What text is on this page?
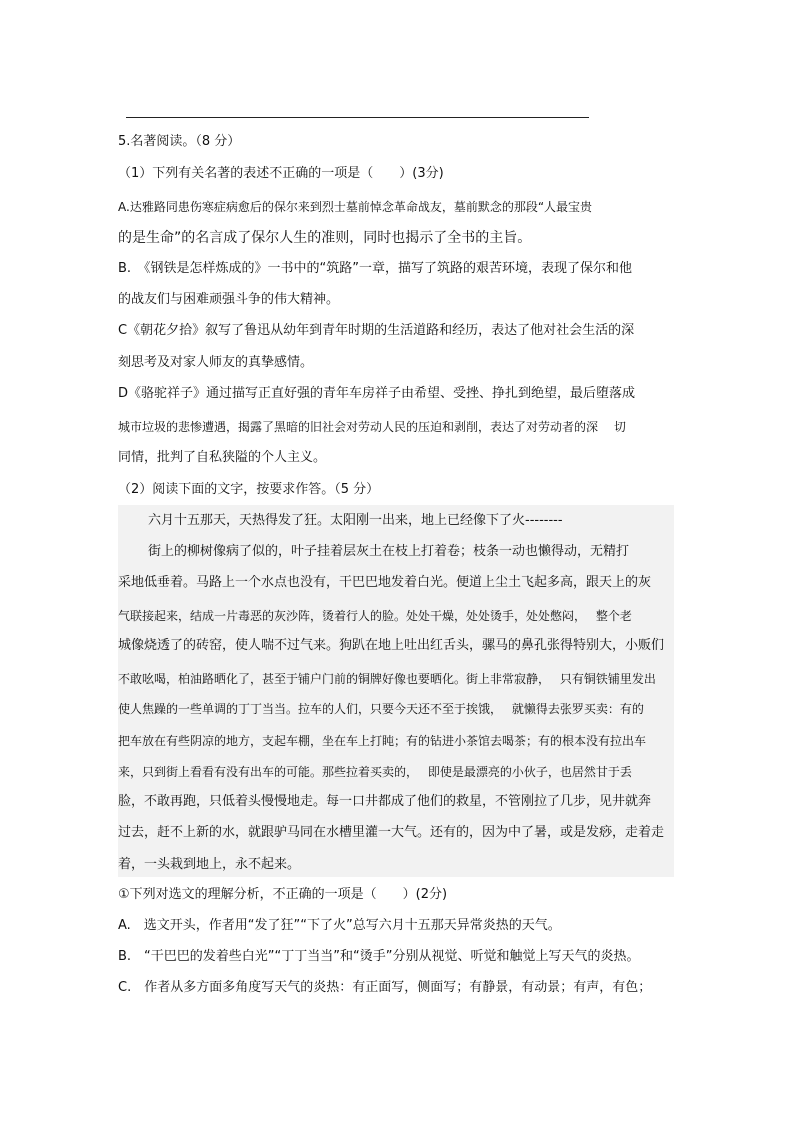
5.名著阅读。（8 分）
（1）下列有关名著的表述不正确的一项是（　　）(3分)
A.达雅路同患伤寒症病愈后的保尔来到烈士墓前悼念革命战友，墓前默念的那段“人最宝贵
的是生命”的名言成了保尔人生的准则，同时也揭示了全书的主旨。
B.　《钢铁是怎样炼成的》一书中的“筑路”一章，描写了筑路的艰苦环境，表现了保尔和他
的战友们与困难顽强斗争的伟大精神。
C《朝花夕拾》叙写了鲁迅从幼年到青年时期的生活道路和经历，表达了他对社会生活的深
刻思考及对家人师友的真挚感情。
D《骆驼祥子》通过描写正直好强的青年车房祥子由希望、受挫、挣扎到绝望，最后堕落成
城市垃圾的悲惨遭遇，揭露了黑暗的旧社会对劳动人民的压迫和剥削，表达了对劳动者的深　 切
同情，批判了自私狭隘的个人主义。
（2）阅读下面的文字，按要求作答。（5 分）
六月十五那天，天热得发了狂。太阳刚一出来，地上已经像下了火--------
街上的柳树像病了似的，叶子挂着层灰土在枝上打着卷；枝条一动也懒得动，无精打
采地低垂着。马路上一个水点也没有，干巴巴地发着白光。便道上尘土飞起多高，跟天上的灰
气联接起来，结成一片毒恶的灰沙阵，烫着行人的脸。处处干燥，处处烫手，处处憋闷，　 整个老
城像烧透了的砖窑，使人喘不过气来。狗趴在地上吐出红舌头，骡马的鼻孔张得特别大，小贩们
不敢吆喝，柏油路晒化了，甚至于铺户门前的铜牌好像也要晒化。街上非常寂静，　 只有铜铁铺里发出
使人焦躁的一些单调的丁丁当当。拉车的人们，只要今天还不至于挨饿，　 就懒得去张罗买卖：有的
把车放在有些阴凉的地方，支起车棚，坐在车上打盹；有的钻进小茶馆去喝茶；有的根本没有拉出车
来，只到街上看看有没有出车的可能。那些拉着买卖的，　 即使是最漂亮的小伙子，也居然甘于丢
脸，不敢再跑，只低着头慢慢地走。每一口井都成了他们的救星，不管刚拉了几步，见井就奔
过去，赶不上新的水，就跟驴马同在水槽里灌一大气。还有的，因为中了暑，或是发痧，走着走
着，一头栽到地上，永不起来。
①下列对选文的理解分析，不正确的一项是（　　）(2分)
A.　选文开头，作者用“发了狂”“下了火”总写六月十五那天异常炎热的天气。
B.　“干巴巴的发着些白光”“丁丁当当”和“烫手”分别从视觉、听觉和触觉上写天气的炎热。
C.　作者从多方面多角度写天气的炎热：有正面写，侧面写；有静景，有动景；有声，有色；
